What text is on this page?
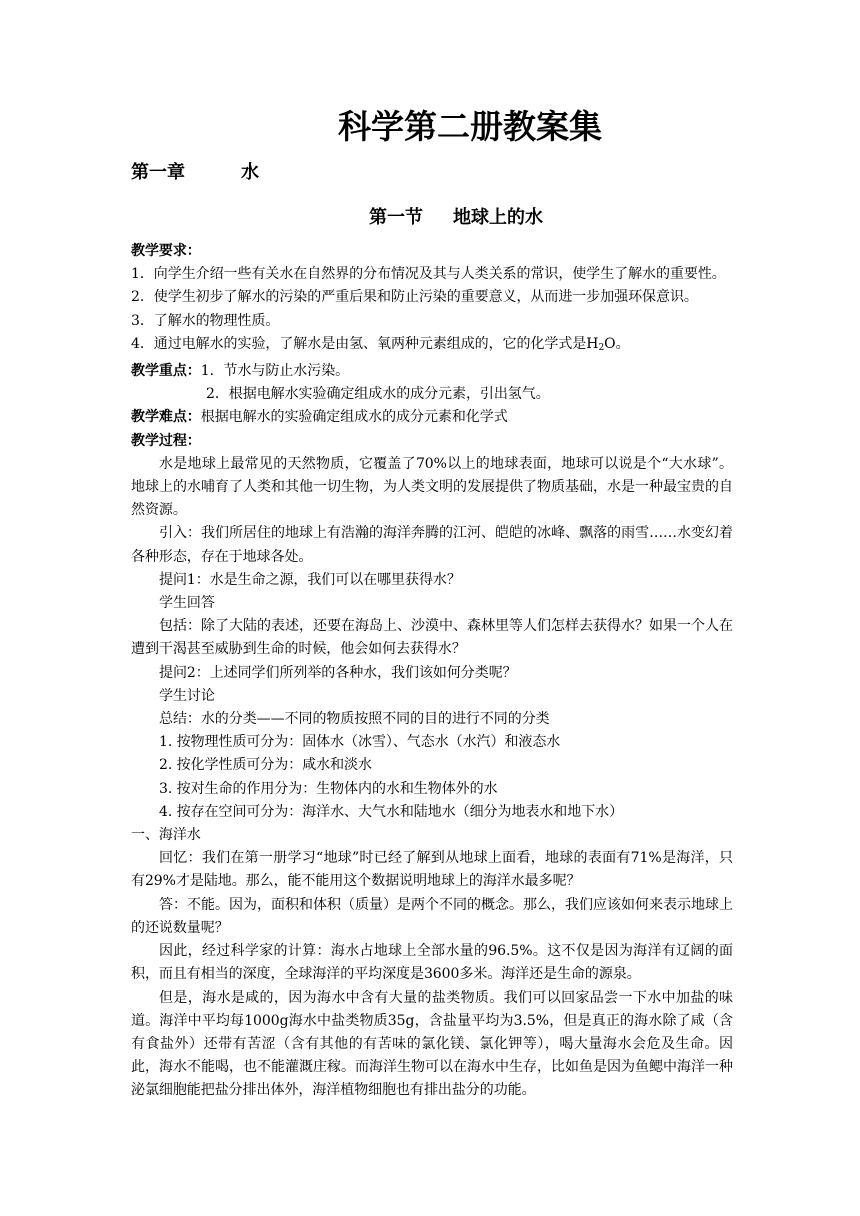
科学第二册教案集
第一章	水
第一节 地球上的水

教学要求：

1．向学生介绍一些有关水在自然界的分布情况及其与人类关系的常识，使学生了解水的重要性。

2．使学生初步了解水的污染的严重后果和防止污染的重要意义，从而进一步加强环保意识。

3．了解水的物理性质。

4．通过电解水的实验，了解水是由氢、氧两种元素组成的，它的化学式是H2O。

教学重点：1．节水与防止水污染。

2．根据电解水实验确定组成水的成分元素，引出氢气。

教学难点：根据电解水的实验确定组成水的成分元素和化学式

教学过程：

水是地球上最常见的天然物质，它覆盖了70%以上的地球表面，地球可以说是个“大水球”。地球上的水哺育了人类和其他一切生物，为人类文明的发展提供了物质基础，水是一种最宝贵的自然资源。

引入：我们所居住的地球上有浩瀚的海洋奔腾的江河、皑皑的冰峰、飘落的雨雪……水变幻着各种形态，存在于地球各处。

提问1：水是生命之源，我们可以在哪里获得水？

学生回答

包括：除了大陆的表述，还要在海岛上、沙漠中、森林里等人们怎样去获得水？如果一个人在遭到干渴甚至威胁到生命的时候，他会如何去获得水？

提问2：上述同学们所列举的各种水，我们该如何分类呢？

学生讨论

总结：水的分类——不同的物质按照不同的目的进行不同的分类

1. 按物理性质可分为：固体水（冰雪）、气态水（水汽）和液态水

2. 按化学性质可分为：咸水和淡水

3. 按对生命的作用分为：生物体内的水和生物体外的水

4. 按存在空间可分为：海洋水、大气水和陆地水（细分为地表水和地下水）

一、海洋水

回忆：我们在第一册学习“地球”时已经了解到从地球上面看，地球的表面有71%是海洋，只有29%才是陆地。那么，能不能用这个数据说明地球上的海洋水最多呢？

答：不能。因为，面积和体积（质量）是两个不同的概念。那么，我们应该如何来表示地球上的还说数量呢？

因此，经过科学家的计算：海水占地球上全部水量的96.5%。这不仅是因为海洋有辽阔的面积，而且有相当的深度，全球海洋的平均深度是3600多米。海洋还是生命的源泉。

但是，海水是咸的，因为海水中含有大量的盐类物质。我们可以回家品尝一下水中加盐的味道。海洋中平均每1000g海水中盐类物质35g，含盐量平均为3.5%，但是真正的海水除了咸（含有食盐外）还带有苦涩（含有其他的有苦味的氯化镁、氯化钾等），喝大量海水会危及生命。因此，海水不能喝，也不能灌溉庄稼。而海洋生物可以在海水中生存，比如鱼是因为鱼鳃中海洋一种泌氯细胞能把盐分排出体外，海洋植物细胞也有排出盐分的功能。
